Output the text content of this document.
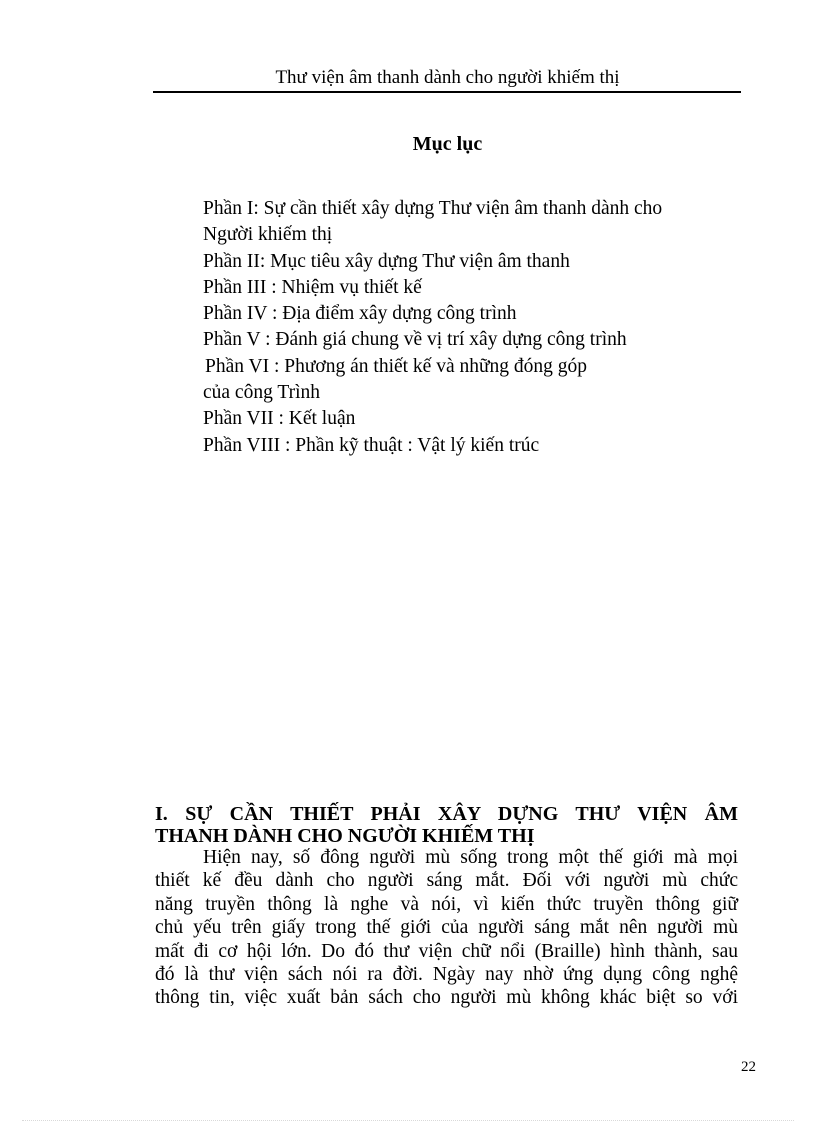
Thư viện âm thanh dành cho người khiếm thị
Mục lục
Phần I: Sự cần thiết xây dựng Thư viện âm thanh dành cho
Người khiếm thị
Phần II: Mục tiêu xây dựng Thư viện âm thanh
Phần III : Nhiệm vụ thiết kế
Phần IV : Địa điểm xây dựng công trình
Phần V : Đánh giá chung về vị trí xây dựng công trình
Phần VI : Phương án thiết kế và những đóng góp
của công Trình
Phần VII : Kết luận
Phần VIII : Phần kỹ thuật : Vật lý kiến trúc
I. SỰ CẦN THIẾT PHẢI XÂY DỰNG THƯ VIỆN ÂM
THANH DÀNH CHO NGƯỜI KHIẾM THỊ
Hiện nay, số đông người mù sống trong một thế giới mà mọi
thiết kế đều dành cho người sáng mắt. Đối với người mù chức
năng truyền thông là nghe và nói, vì kiến thức truyền thông giữ
chủ yếu trên giấy trong thế giới của người sáng mắt nên người mù
mất đi cơ hội lớn. Do đó thư viện chữ nổi (Braille) hình thành, sau
đó là thư viện sách nói ra đời. Ngày nay nhờ ứng dụng công nghệ
thông tin, việc xuất bản sách cho người mù không khác biệt so với
22
